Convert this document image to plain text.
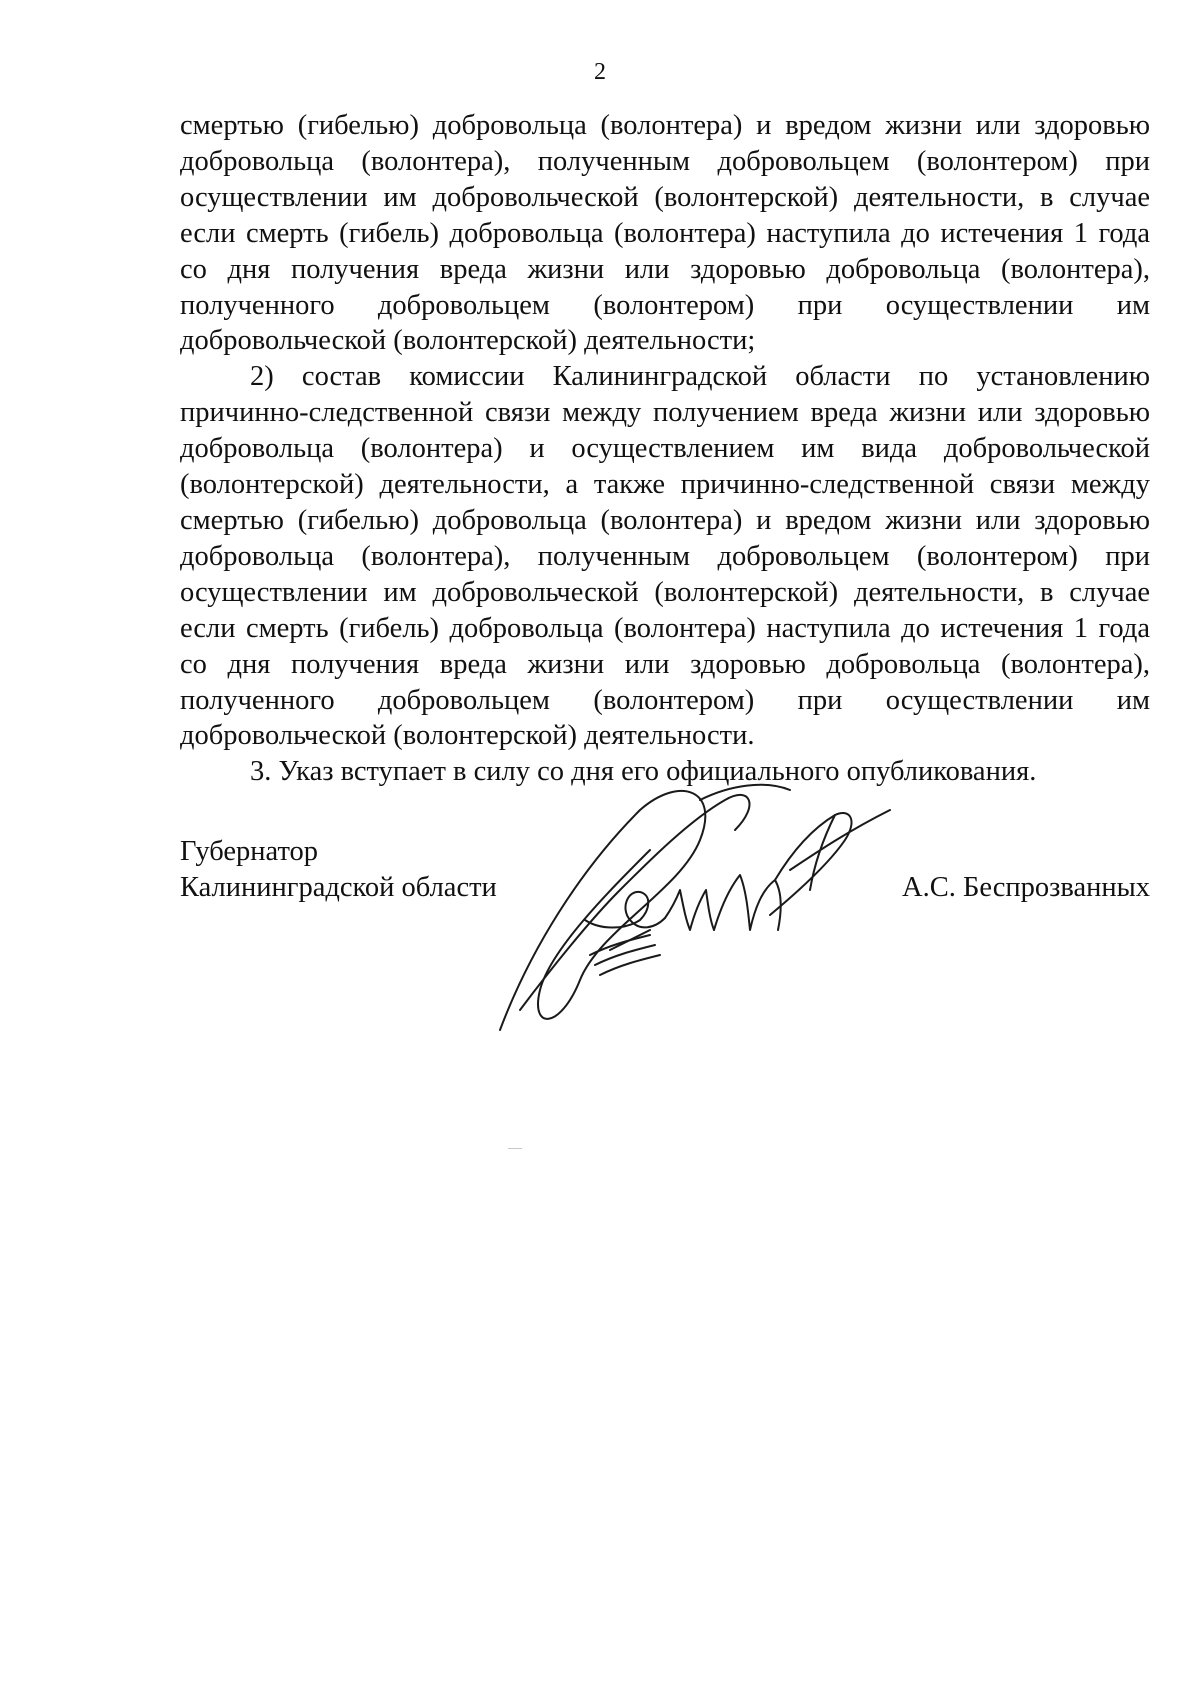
2

смертью (гибелью) добровольца (волонтера) и вредом жизни или здоровью добровольца (волонтера), полученным добровольцем (волонтером) при осуществлении им добровольческой (волонтерской) деятельности, в случае если смерть (гибель) добровольца (волонтера) наступила до истечения 1 года со дня получения вреда жизни или здоровью добровольца (волонтера), полученного добровольцем (волонтером) при осуществлении им добровольческой (волонтерской) деятельности;

2) состав комиссии Калининградской области по установлению причинно-следственной связи между получением вреда жизни или здоровью добровольца (волонтера) и осуществлением им вида добровольческой (волонтерской) деятельности, а также причинно-следственной связи между смертью (гибелью) добровольца (волонтера) и вредом жизни или здоровью добровольца (волонтера), полученным добровольцем (волонтером) при осуществлении им добровольческой (волонтерской) деятельности, в случае если смерть (гибель) добровольца (волонтера) наступила до истечения 1 года со дня получения вреда жизни или здоровью добровольца (волонтера), полученного добровольцем (волонтером) при осуществлении им добровольческой (волонтерской) деятельности.

3. Указ вступает в силу со дня его официального опубликования.

Губернатор
Калининградской области	А.С. Беспрозванных
